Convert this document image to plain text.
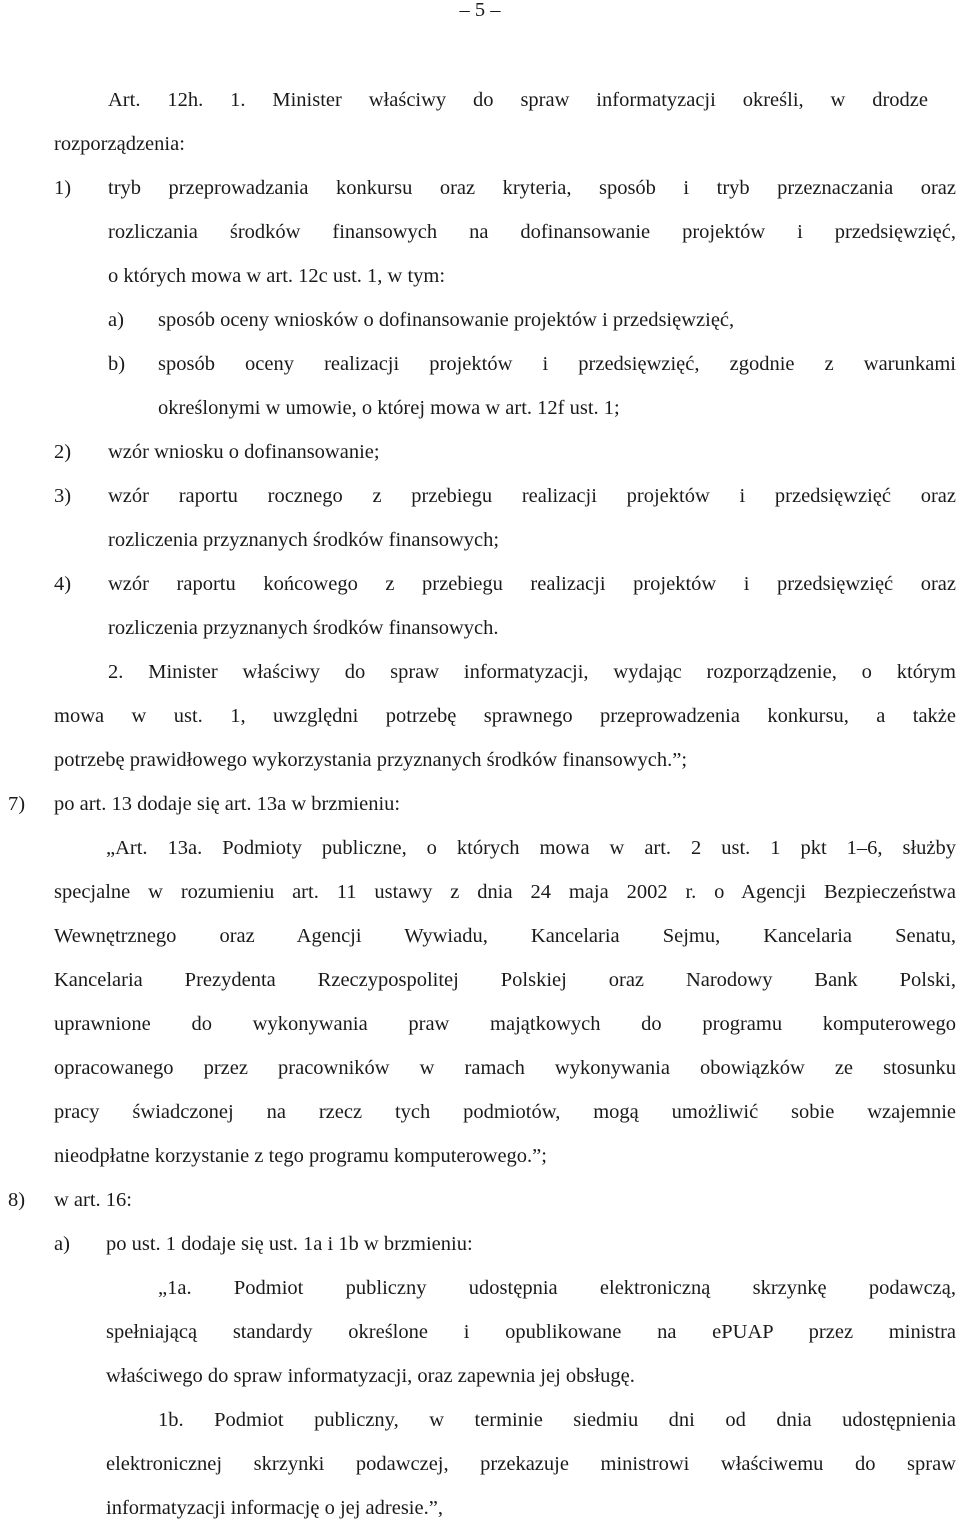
– 5 –

Art. 12h. 1. Minister właściwy do spraw informatyzacji określi, w drodze

rozporządzenia:

1) tryb przeprowadzania konkursu oraz kryteria, sposób i tryb przeznaczania oraz

rozliczania środków finansowych na dofinansowanie projektów i przedsięwzięć,

o których mowa w art. 12c ust. 1, w tym:

a) sposób oceny wniosków o dofinansowanie projektów i przedsięwzięć,

b) sposób oceny realizacji projektów i przedsięwzięć, zgodnie z warunkami

określonymi w umowie, o której mowa w art. 12f ust. 1;

2) wzór wniosku o dofinansowanie;

3) wzór raportu rocznego z przebiegu realizacji projektów i przedsięwzięć oraz

rozliczenia przyznanych środków finansowych;

4) wzór raportu końcowego z przebiegu realizacji projektów i przedsięwzięć oraz

rozliczenia przyznanych środków finansowych.

2. Minister właściwy do spraw informatyzacji, wydając rozporządzenie, o którym

mowa w ust. 1, uwzględni potrzebę sprawnego przeprowadzenia konkursu, a także

potrzebę prawidłowego wykorzystania przyznanych środków finansowych.”;

7) po art. 13 dodaje się art. 13a w brzmieniu:

„Art. 13a. Podmioty publiczne, o których mowa w art. 2 ust. 1 pkt 1–6, służby

specjalne w rozumieniu art. 11 ustawy z dnia 24 maja 2002 r. o Agencji Bezpieczeństwa

Wewnętrznego oraz Agencji Wywiadu, Kancelaria Sejmu, Kancelaria Senatu,

Kancelaria Prezydenta Rzeczypospolitej Polskiej oraz Narodowy Bank Polski,

uprawnione do wykonywania praw majątkowych do programu komputerowego

opracowanego przez pracowników w ramach wykonywania obowiązków ze stosunku

pracy świadczonej na rzecz tych podmiotów, mogą umożliwić sobie wzajemnie

nieodpłatne korzystanie z tego programu komputerowego.”;

8) w art. 16:

a) po ust. 1 dodaje się ust. 1a i 1b w brzmieniu:

„1a. Podmiot publiczny udostępnia elektroniczną skrzynkę podawczą,

spełniającą standardy określone i opublikowane na ePUAP przez ministra

właściwego do spraw informatyzacji, oraz zapewnia jej obsługę.

1b. Podmiot publiczny, w terminie siedmiu dni od dnia udostępnienia

elektronicznej skrzynki podawczej, przekazuje ministrowi właściwemu do spraw

informatyzacji informację o jej adresie.”,
